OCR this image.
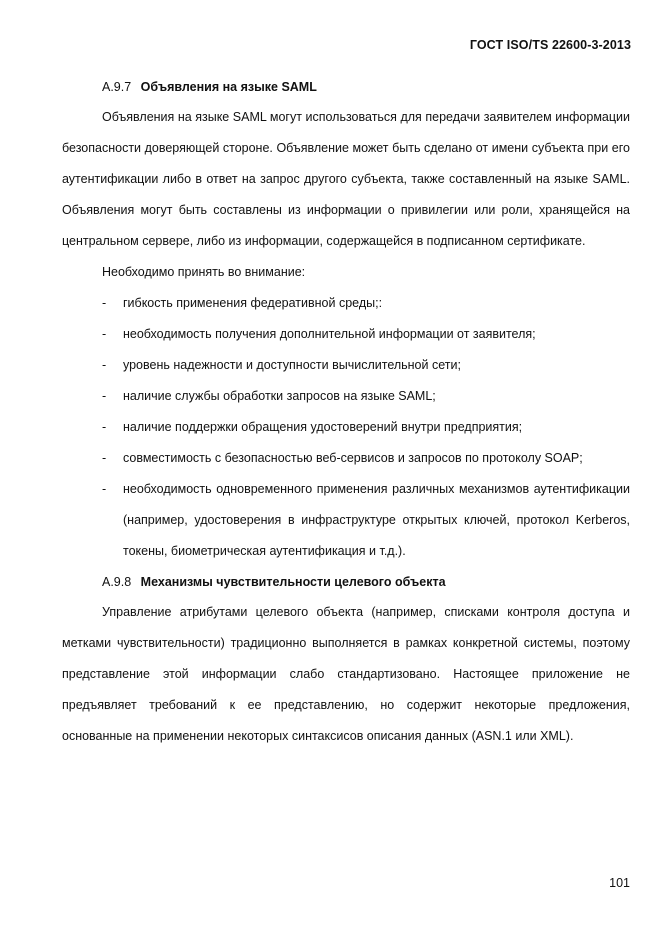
ГОСТ ISO/TS 22600-3-2013
A.9.7 Объявления на языке SAML

Объявления на языке SAML могут использоваться для передачи заявителем информации безопасности доверяющей стороне. Объявление может быть сделано от имени субъекта при его аутентификации либо в ответ на запрос другого субъекта, также составленный на языке SAML. Объявления могут быть составлены из информации о привилегии или роли, хранящейся на центральном сервере, либо из информации, содержащейся в подписанном сертификате.

Необходимо принять во внимание:
- гибкость применения федеративной среды;:
- необходимость получения дополнительной информации от заявителя;
- уровень надежности и доступности вычислительной сети;
- наличие службы обработки запросов на языке SAML;
- наличие поддержки обращения удостоверений внутри предприятия;
- совместимость с безопасностью веб-сервисов и запросов по протоколу SOAP;
- необходимость одновременного применения различных механизмов аутентификации (например, удостоверения в инфраструктуре открытых ключей, протокол Kerberos, токены, биометрическая аутентификация и т.д.).
A.9.8 Механизмы чувствительности целевого объекта

Управление атрибутами целевого объекта (например, списками контроля доступа и метками чувствительности) традиционно выполняется в рамках конкретной системы, поэтому представление этой информации слабо стандартизовано. Настоящее приложение не предъявляет требований к ее представлению, но содержит некоторые предложения, основанные на применении некоторых синтаксисов описания данных (ASN.1 или XML).

101
